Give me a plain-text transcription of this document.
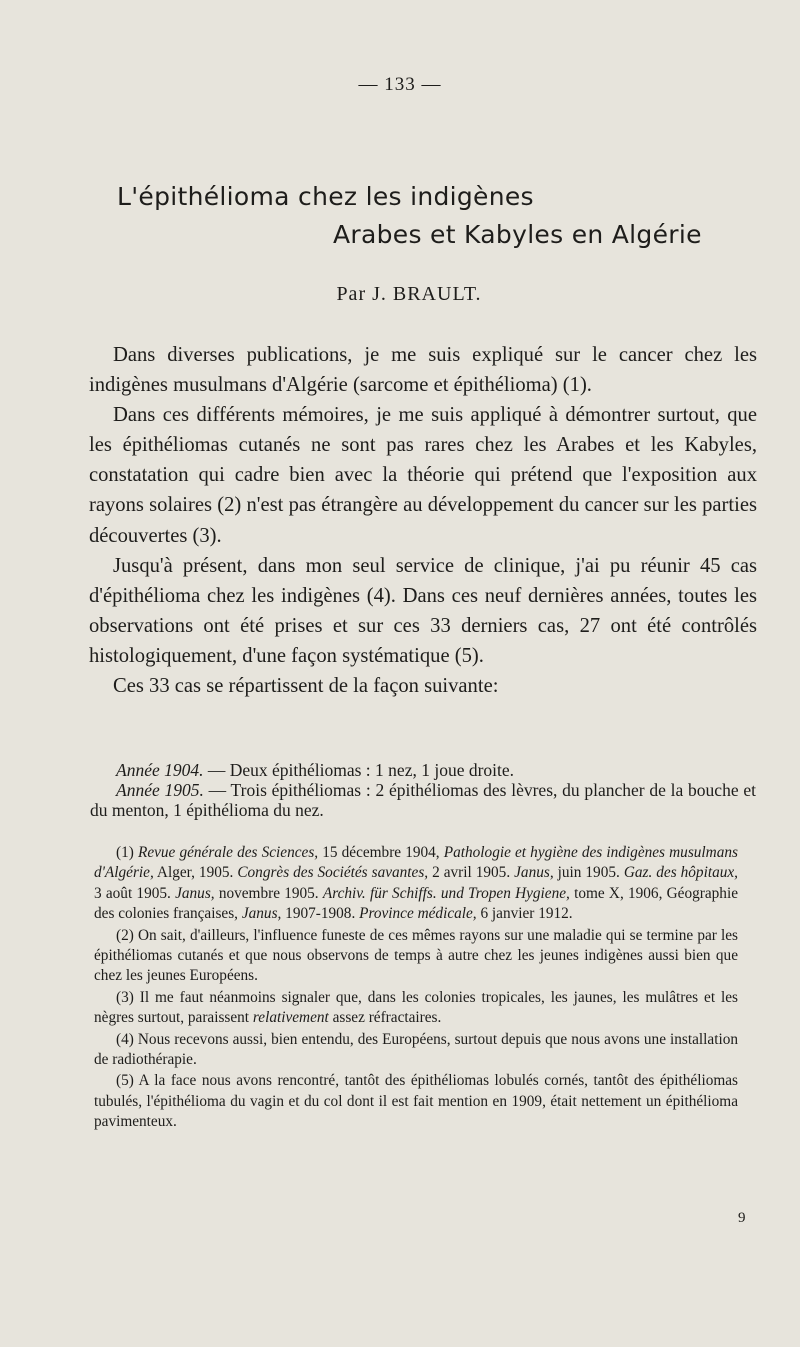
— 133 —
L'épithélioma chez les indigènes
Arabes et Kabyles en Algérie
Par J. BRAULT.

Dans diverses publications, je me suis expliqué sur le cancer chez les indigènes musulmans d'Algérie (sarcome et épithélioma) (1).

Dans ces différents mémoires, je me suis appliqué à démontrer surtout, que les épithéliomas cutanés ne sont pas rares chez les Arabes et les Kabyles, constatation qui cadre bien avec la théorie qui prétend que l'exposition aux rayons solaires (2) n'est pas étrangère au développement du cancer sur les parties découvertes (3).

Jusqu'à présent, dans mon seul service de clinique, j'ai pu réunir 45 cas d'épithélioma chez les indigènes (4). Dans ces neuf dernières années, toutes les observations ont été prises et sur ces 33 derniers cas, 27 ont été contrôlés histologiquement, d'une façon systématique (5).

Ces 33 cas se répartissent de la façon suivante:

Année 1904. — Deux épithéliomas : 1 nez, 1 joue droite.

Année 1905. — Trois épithéliomas : 2 épithéliomas des lèvres, du plancher de la bouche et du menton, 1 épithélioma du nez.

(1) Revue générale des Sciences, 15 décembre 1904, Pathologie et hygiène des indigènes musulmans d'Algérie, Alger, 1905. Congrès des Sociétés savantes, 2 avril 1905. Janus, juin 1905. Gaz. des hôpitaux, 3 août 1905. Janus, novembre 1905. Archiv. für Schiffs. und Tropen Hygiene, tome X, 1906, Géographie des colonies françaises, Janus, 1907-1908. Province médicale, 6 janvier 1912.

(2) On sait, d'ailleurs, l'influence funeste de ces mêmes rayons sur une maladie qui se termine par les épithéliomas cutanés et que nous observons de temps à autre chez les jeunes indigènes aussi bien que chez les jeunes Européens.

(3) Il me faut néanmoins signaler que, dans les colonies tropicales, les jaunes, les mulâtres et les nègres surtout, paraissent relativement assez réfractaires.

(4) Nous recevons aussi, bien entendu, des Européens, surtout depuis que nous avons une installation de radiothérapie.

(5) A la face nous avons rencontré, tantôt des épithéliomas lobulés cornés, tantôt des épithéliomas tubulés, l'épithélioma du vagin et du col dont il est fait mention en 1909, était nettement un épithélioma pavimenteux.

9
